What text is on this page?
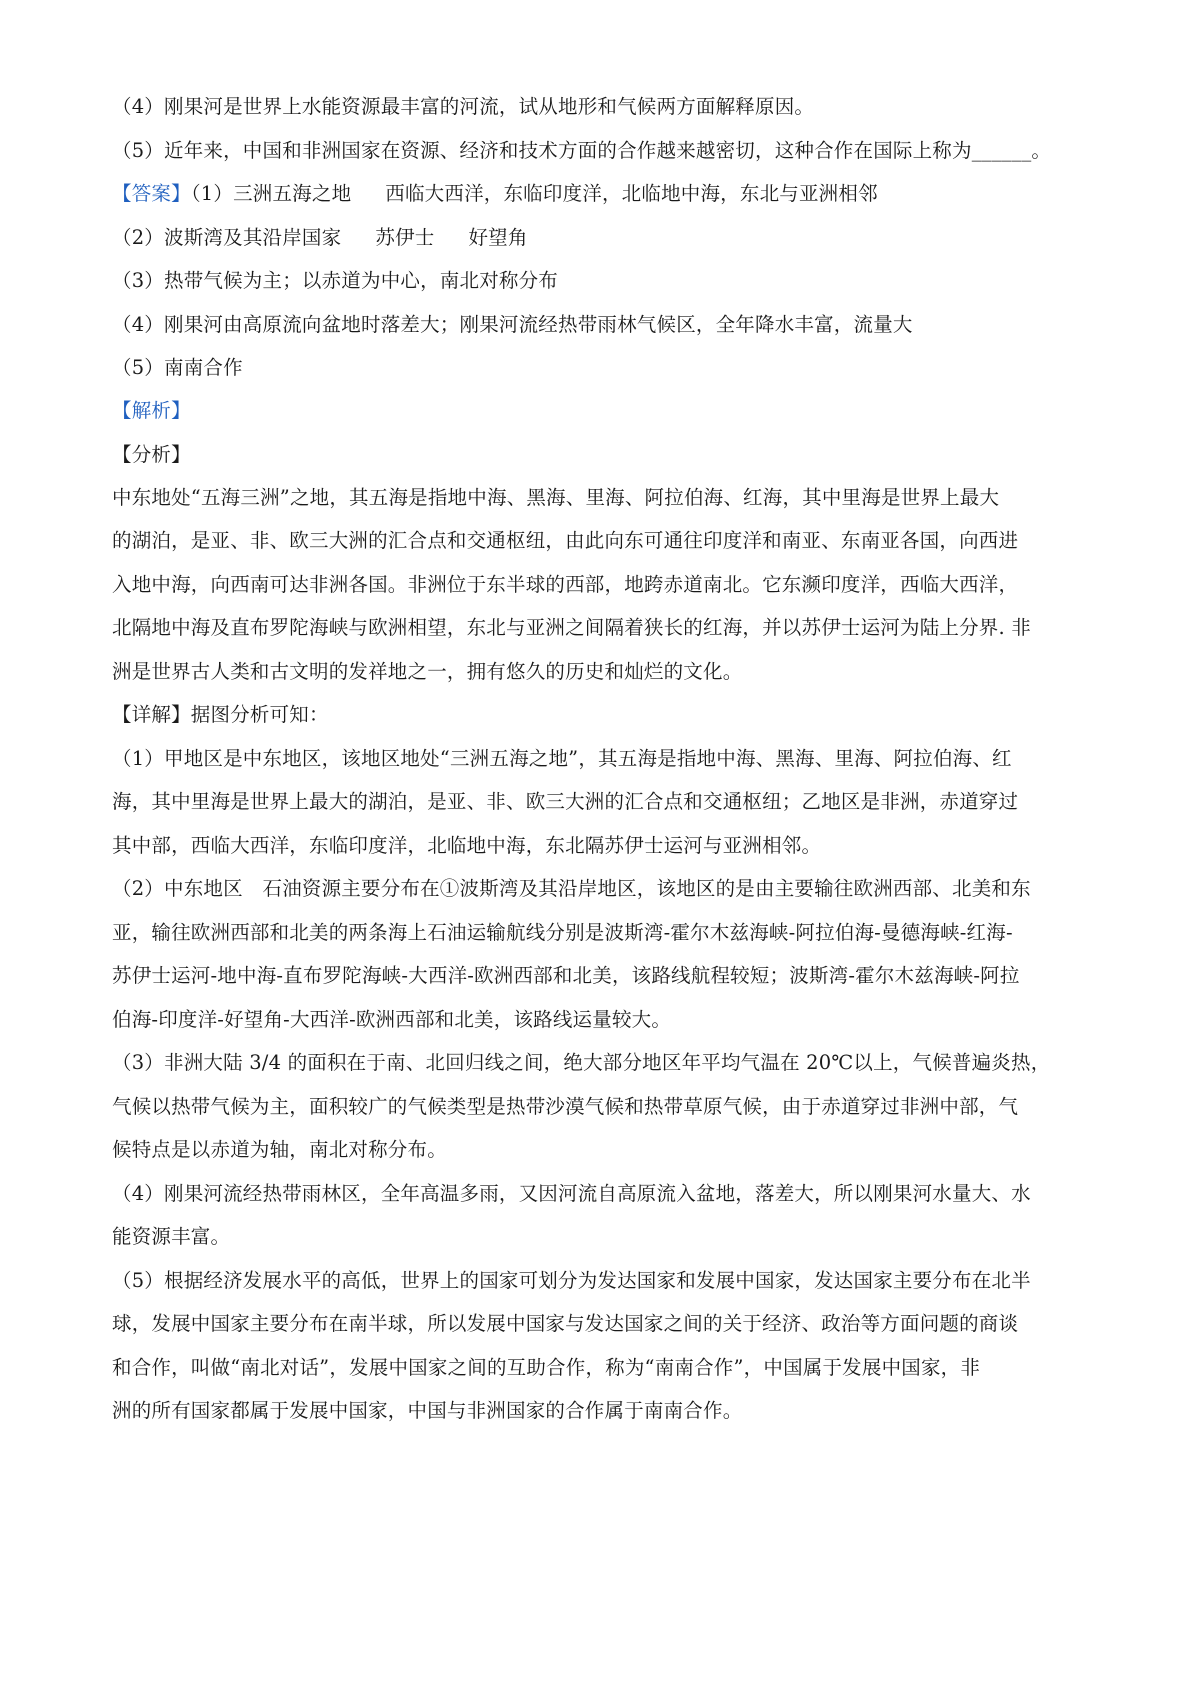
（4）刚果河是世界上水能资源最丰富的河流，试从地形和气候两方面解释原因。
（5）近年来，中国和非洲国家在资源、经济和技术方面的合作越来越密切，这种合作在国际上称为______。
【答案】（1）三洲五海之地 西临大西洋，东临印度洋，北临地中海，东北与亚洲相邻
（2）波斯湾及其沿岸国家 苏伊士 好望角
（3）热带气候为主；以赤道为中心，南北对称分布
（4）刚果河由高原流向盆地时落差大；刚果河流经热带雨林气候区，全年降水丰富，流量大
（5）南南合作
【解析】
【分析】
中东地处“五海三洲”之地，其五海是指地中海、黑海、里海、阿拉伯海、红海，其中里海是世界上最大
的湖泊，是亚、非、欧三大洲的汇合点和交通枢纽，由此向东可通往印度洋和南亚、东南亚各国，向西进
入地中海，向西南可达非洲各国。非洲位于东半球的西部，地跨赤道南北。它东濒印度洋，西临大西洋，
北隔地中海及直布罗陀海峡与欧洲相望，东北与亚洲之间隔着狭长的红海，并以苏伊士运河为陆上分界. 非
洲是世界古人类和古文明的发祥地之一，拥有悠久的历史和灿烂的文化。
【详解】据图分析可知：
（1）甲地区是中东地区，该地区地处“三洲五海之地”，其五海是指地中海、黑海、里海、阿拉伯海、红
海，其中里海是世界上最大的湖泊，是亚、非、欧三大洲的汇合点和交通枢纽；乙地区是非洲，赤道穿过
其中部，西临大西洋，东临印度洋，北临地中海，东北隔苏伊士运河与亚洲相邻。
（2）中东地区　石油资源主要分布在①波斯湾及其沿岸地区，该地区的是由主要输往欧洲西部、北美和东
亚，输往欧洲西部和北美的两条海上石油运输航线分别是波斯湾-霍尔木兹海峡-阿拉伯海-曼德海峡-红海-
苏伊士运河-地中海-直布罗陀海峡-大西洋-欧洲西部和北美，该路线航程较短；波斯湾-霍尔木兹海峡-阿拉
伯海-印度洋-好望角-大西洋-欧洲西部和北美，该路线运量较大。
（3）非洲大陆 3/4 的面积在于南、北回归线之间，绝大部分地区年平均气温在 20℃以上，气候普遍炎热，
气候以热带气候为主，面积较广的气候类型是热带沙漠气候和热带草原气候，由于赤道穿过非洲中部，气
候特点是以赤道为轴，南北对称分布。
（4）刚果河流经热带雨林区，全年高温多雨，又因河流自高原流入盆地，落差大，所以刚果河水量大、水
能资源丰富。
（5）根据经济发展水平的高低，世界上的国家可划分为发达国家和发展中国家，发达国家主要分布在北半
球，发展中国家主要分布在南半球，所以发展中国家与发达国家之间的关于经济、政治等方面问题的商谈
和合作，叫做“南北对话”，发展中国家之间的互助合作，称为“南南合作”，中国属于发展中国家，非
洲的所有国家都属于发展中国家，中国与非洲国家的合作属于南南合作。
